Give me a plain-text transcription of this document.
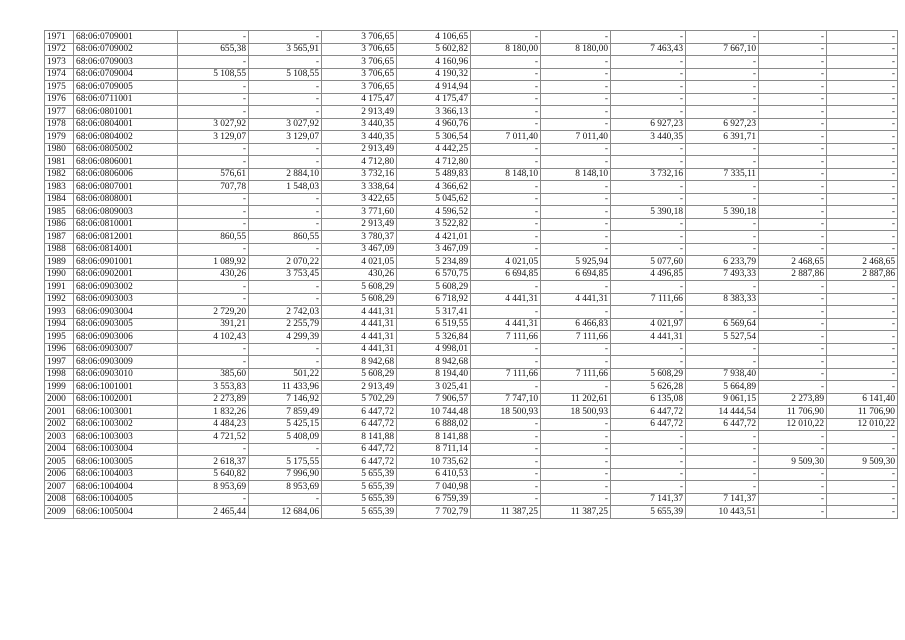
1971	68:06:0709001	-	-	3 706,65	4 106,65	-	-	-	-	-	-
1972	68:06:0709002	655,38	3 565,91	3 706,65	5 602,82	8 180,00	8 180,00	7 463,43	7 667,10	-	-
1973	68:06:0709003	-	-	3 706,65	4 160,96	-	-	-	-	-	-
1974	68:06:0709004	5 108,55	5 108,55	3 706,65	4 190,32	-	-	-	-	-	-
1975	68:06:0709005	-	-	3 706,65	4 914,94	-	-	-	-	-	-
1976	68:06:0711001	-	-	4 175,47	4 175,47	-	-	-	-	-	-
1977	68:06:0801001	-	-	2 913,49	3 366,13	-	-	-	-	-	-
1978	68:06:0804001	3 027,92	3 027,92	3 440,35	4 960,76	-	-	6 927,23	6 927,23	-	-
1979	68:06:0804002	3 129,07	3 129,07	3 440,35	5 306,54	7 011,40	7 011,40	3 440,35	6 391,71	-	-
1980	68:06:0805002	-	-	2 913,49	4 442,25	-	-	-	-	-	-
1981	68:06:0806001	-	-	4 712,80	4 712,80	-	-	-	-	-	-
1982	68:06:0806006	576,61	2 884,10	3 732,16	5 489,83	8 148,10	8 148,10	3 732,16	7 335,11	-	-
1983	68:06:0807001	707,78	1 548,03	3 338,64	4 366,62	-	-	-	-	-	-
1984	68:06:0808001	-	-	3 422,65	5 045,62	-	-	-	-	-	-
1985	68:06:0809003	-	-	3 771,60	4 596,52	-	-	5 390,18	5 390,18	-	-
1986	68:06:0810001	-	-	2 913,49	3 522,82	-	-	-	-	-	-
1987	68:06:0812001	860,55	860,55	3 780,37	4 421,01	-	-	-	-	-	-
1988	68:06:0814001	-	-	3 467,09	3 467,09	-	-	-	-	-	-
1989	68:06:0901001	1 089,92	2 070,22	4 021,05	5 234,89	4 021,05	5 925,94	5 077,60	6 233,79	2 468,65	2 468,65
1990	68:06:0902001	430,26	3 753,45	430,26	6 570,75	6 694,85	6 694,85	4 496,85	7 493,33	2 887,86	2 887,86
1991	68:06:0903002	-	-	5 608,29	5 608,29	-	-	-	-	-	-
1992	68:06:0903003	-	-	5 608,29	6 718,92	4 441,31	4 441,31	7 111,66	8 383,33	-	-
1993	68:06:0903004	2 729,20	2 742,03	4 441,31	5 317,41	-	-	-	-	-	-
1994	68:06:0903005	391,21	2 255,79	4 441,31	6 519,55	4 441,31	6 466,83	4 021,97	6 569,64	-	-
1995	68:06:0903006	4 102,43	4 299,39	4 441,31	5 326,84	7 111,66	7 111,66	4 441,31	5 527,54	-	-
1996	68:06:0903007	-	-	4 441,31	4 998,01	-	-	-	-	-	-
1997	68:06:0903009	-	-	8 942,68	8 942,68	-	-	-	-	-	-
1998	68:06:0903010	385,60	501,22	5 608,29	8 194,40	7 111,66	7 111,66	5 608,29	7 938,40	-	-
1999	68:06:1001001	3 553,83	11 433,96	2 913,49	3 025,41	-	-	5 626,28	5 664,89	-	-
2000	68:06:1002001	2 273,89	7 146,92	5 702,29	7 906,57	7 747,10	11 202,61	6 135,08	9 061,15	2 273,89	6 141,40
2001	68:06:1003001	1 832,26	7 859,49	6 447,72	10 744,48	18 500,93	18 500,93	6 447,72	14 444,54	11 706,90	11 706,90
2002	68:06:1003002	4 484,23	5 425,15	6 447,72	6 888,02	-	-	6 447,72	6 447,72	12 010,22	12 010,22
2003	68:06:1003003	4 721,52	5 408,09	8 141,88	8 141,88	-	-	-	-	-	-
2004	68:06:1003004	-	-	6 447,72	8 711,14	-	-	-	-	-	-
2005	68:06:1003005	2 618,37	5 175,55	6 447,72	10 735,62	-	-	-	-	9 509,30	9 509,30
2006	68:06:1004003	5 640,82	7 996,90	5 655,39	6 410,53	-	-	-	-	-	-
2007	68:06:1004004	8 953,69	8 953,69	5 655,39	7 040,98	-	-	-	-	-	-
2008	68:06:1004005	-	-	5 655,39	6 759,39	-	-	7 141,37	7 141,37	-	-
2009	68:06:1005004	2 465,44	12 684,06	5 655,39	7 702,79	11 387,25	11 387,25	5 655,39	10 443,51	-	-
